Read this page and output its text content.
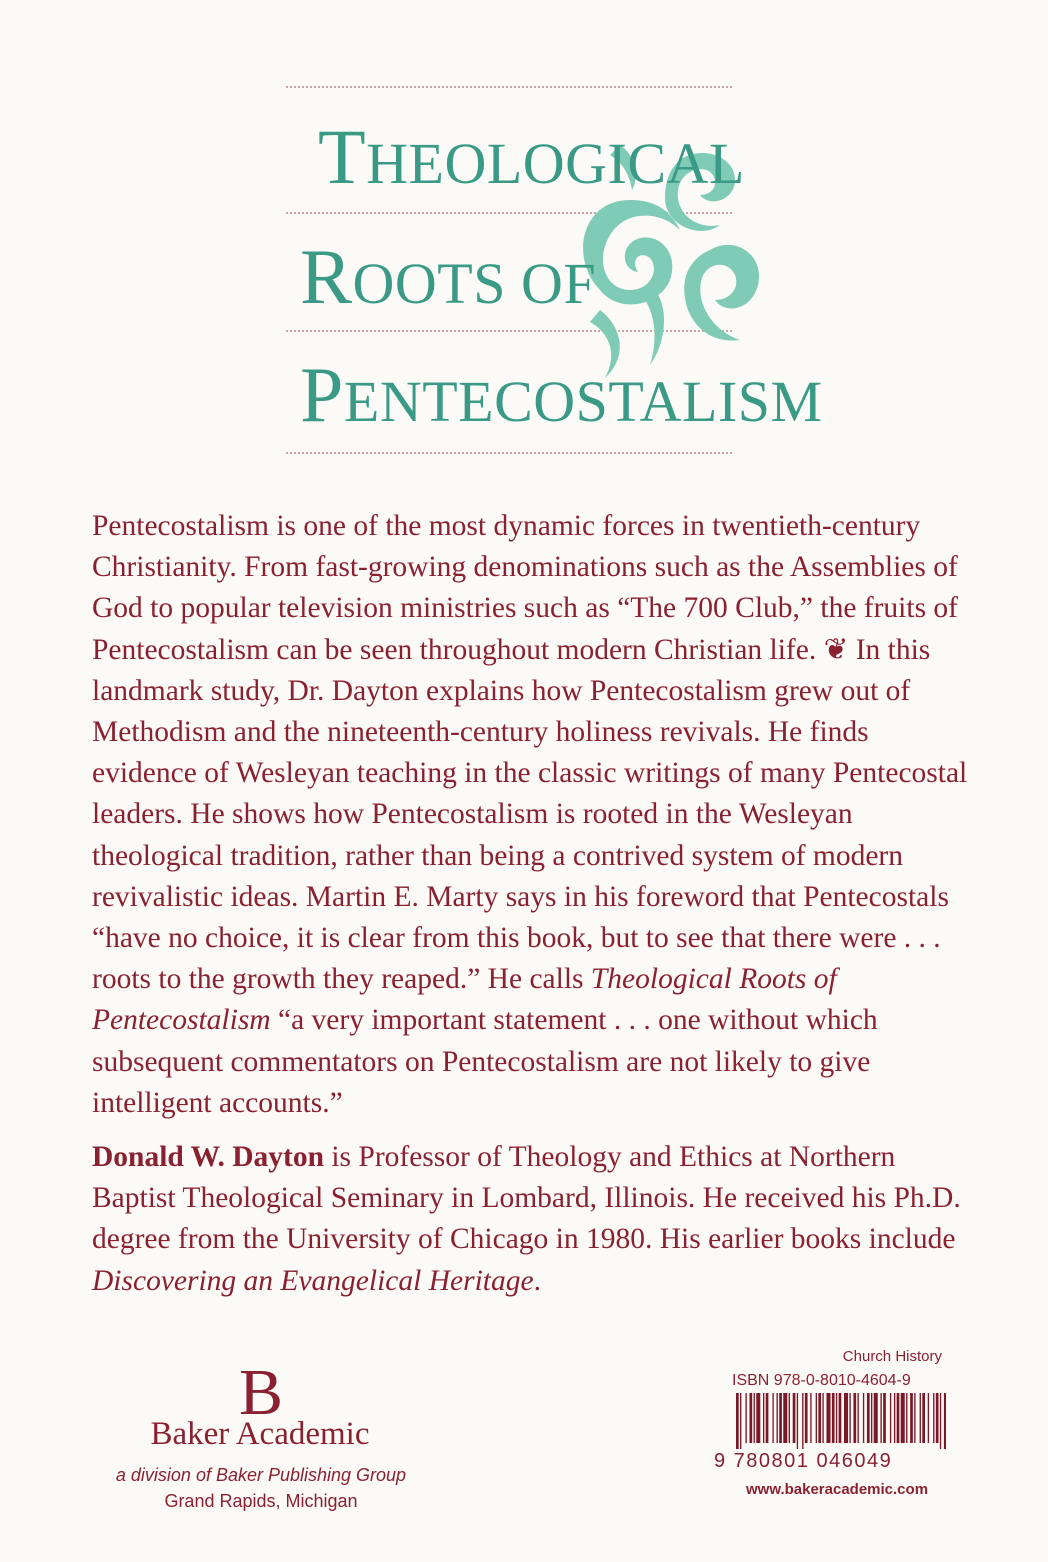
THEOLOGICAL
ROOTS OF
PENTECOSTALISM

Pentecostalism is one of the most dynamic forces in twentieth-century Christianity. From fast-growing denominations such as the Assemblies of God to popular television ministries such as “The 700 Club,” the fruits of Pentecostalism can be seen throughout modern Christian life. ❦ In this landmark study, Dr. Dayton explains how Pentecostalism grew out of Methodism and the nineteenth-century holiness revivals. He finds evidence of Wesleyan teaching in the classic writings of many Pentecostal leaders. He shows how Pentecostalism is rooted in the Wesleyan theological tradition, rather than being a contrived system of modern revivalistic ideas. Martin E. Marty says in his foreword that Pentecostals “have no choice, it is clear from this book, but to see that there were . . . roots to the growth they reaped.” He calls Theological Roots of Pentecostalism “a very important statement . . . one without which subsequent commentators on Pentecostalism are not likely to give intelligent accounts.”

Donald W. Dayton is Professor of Theology and Ethics at Northern Baptist Theological Seminary in Lombard, Illinois. He received his Ph.D. degree from the University of Chicago in 1980. His earlier books include Discovering an Evangelical Heritage.

B
Baker Academic
a division of Baker Publishing Group
Grand Rapids, Michigan
Church History
ISBN 978-0-8010-4604-9
9 780801 046049
www.bakeracademic.com
